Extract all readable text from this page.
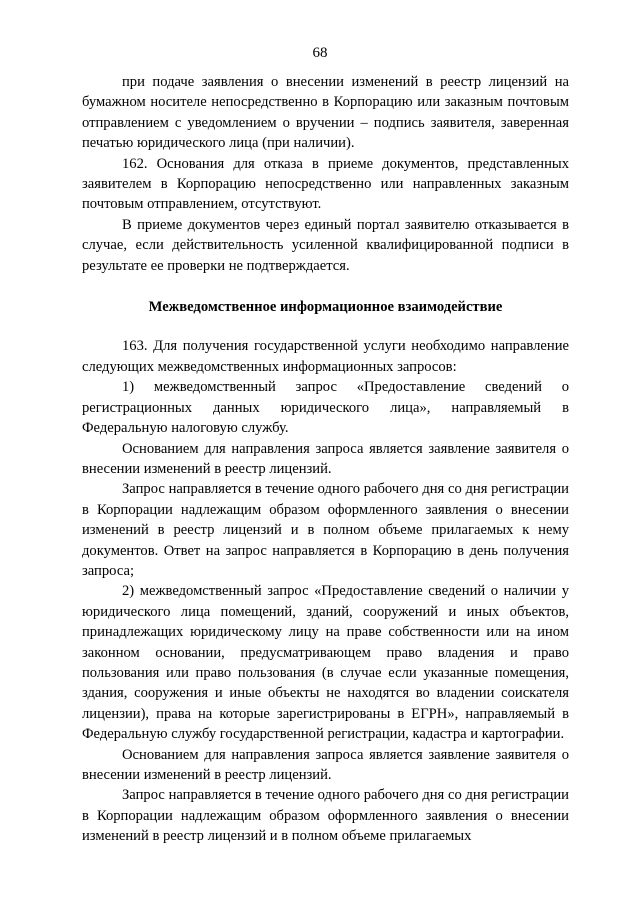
68

при подаче заявления о внесении изменений в реестр лицензий на бумажном носителе непосредственно в Корпорацию или заказным почтовым отправлением с уведомлением о вручении – подпись заявителя, заверенная печатью юридического лица (при наличии).

162. Основания для отказа в приеме документов, представленных заявителем в Корпорацию непосредственно или направленных заказным почтовым отправлением, отсутствуют.

В приеме документов через единый портал заявителю отказывается в случае, если действительность усиленной квалифицированной подписи в результате ее проверки не подтверждается.

Межведомственное информационное взаимодействие

163. Для получения государственной услуги необходимо направление следующих межведомственных информационных запросов:

1) межведомственный запрос «Предоставление сведений о регистрационных данных юридического лица», направляемый в Федеральную налоговую службу.

Основанием для направления запроса является заявление заявителя о внесении изменений в реестр лицензий.

Запрос направляется в течение одного рабочего дня со дня регистрации в Корпорации надлежащим образом оформленного заявления о внесении изменений в реестр лицензий и в полном объеме прилагаемых к нему документов. Ответ на запрос направляется в Корпорацию в день получения запроса;

2) межведомственный запрос «Предоставление сведений о наличии у юридического лица помещений, зданий, сооружений и иных объектов, принадлежащих юридическому лицу на праве собственности или на ином законном основании, предусматривающем право владения и право пользования или право пользования (в случае если указанные помещения, здания, сооружения и иные объекты не находятся во владении соискателя лицензии), права на которые зарегистрированы в ЕГРН», направляемый в Федеральную службу государственной регистрации, кадастра и картографии.

Основанием для направления запроса является заявление заявителя о внесении изменений в реестр лицензий.

Запрос направляется в течение одного рабочего дня со дня регистрации в Корпорации надлежащим образом оформленного заявления о внесении изменений в реестр лицензий и в полном объеме прилагаемых
